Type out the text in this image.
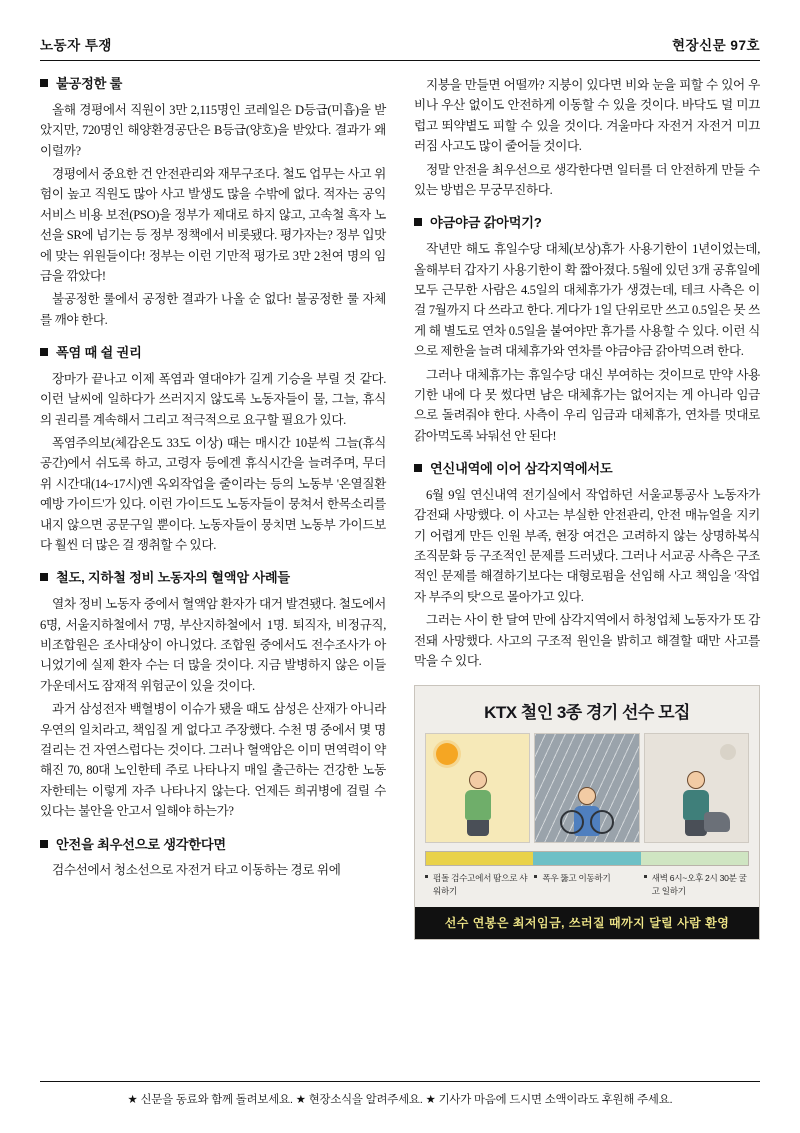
노동자 투쟁	현장신문 97호
불공정한 룰

올해 경평에서 직원이 3만 2,115명인 코레일은 D등급(미흡)을 받았지만, 720명인 해양환경공단은 B등급(양호)을 받았다. 결과가 왜 이럴까?

경평에서 중요한 건 안전관리와 재무구조다. 철도 업무는 사고 위험이 높고 직원도 많아 사고 발생도 많을 수밖에 없다. 적자는 공익서비스 비용 보전(PSO)을 정부가 제대로 하지 않고, 고속철 흑자 노선을 SR에 넘기는 등 정부 정책에서 비롯됐다. 평가자는? 정부 입맛에 맞는 위원들이다! 정부는 이런 기만적 평가로 3만 2천여 명의 임금을 깎았다!

불공정한 룰에서 공정한 결과가 나올 순 없다! 불공정한 룰 자체를 깨야 한다.

폭염 때 쉴 권리

장마가 끝나고 이제 폭염과 열대야가 길게 기승을 부릴 것 같다. 이런 날씨에 일하다가 쓰러지지 않도록 노동자들이 물, 그늘, 휴식의 권리를 계속해서 그리고 적극적으로 요구할 필요가 있다.

폭염주의보(체감온도 33도 이상) 때는 매시간 10분씩 그늘(휴식공간)에서 쉬도록 하고, 고령자 등에겐 휴식시간을 늘려주며, 무더위 시간대(14~17시)엔 옥외작업을 줄이라는 등의 노동부 '온열질환 예방 가이드'가 있다. 이런 가이드도 노동자들이 뭉쳐서 한목소리를 내지 않으면 공문구일 뿐이다. 노동자들이 뭉치면 노동부 가이드보다 훨씬 더 많은 걸 쟁취할 수 있다.

철도, 지하철 정비 노동자의 혈액암 사례들

열차 정비 노동자 중에서 혈액암 환자가 대거 발견됐다. 철도에서 6명, 서울지하철에서 7명, 부산지하철에서 1명. 퇴직자, 비정규직, 비조합원은 조사대상이 아니었다. 조합원 중에서도 전수조사가 아니었기에 실제 환자 수는 더 많을 것이다. 지금 발병하지 않은 이들 가운데서도 잠재적 위험군이 있을 것이다.

과거 삼성전자 백혈병이 이슈가 됐을 때도 삼성은 산재가 아니라 우연의 일치라고, 책임질 게 없다고 주장했다. 수천 명 중에서 몇 명 걸리는 건 자연스럽다는 것이다. 그러나 혈액암은 이미 면역력이 약해진 70, 80대 노인한테 주로 나타나지 매일 출근하는 건강한 노동자한테는 이렇게 자주 나타나지 않는다. 언제든 희귀병에 걸릴 수 있다는 불안을 안고서 일해야 하는가?

안전을 최우선으로 생각한다면

검수선에서 청소선으로 자전거 타고 이동하는 경로 위에

지붕을 만들면 어떨까? 지붕이 있다면 비와 눈을 피할 수 있어 우비나 우산 없이도 안전하게 이동할 수 있을 것이다. 바닥도 덜 미끄럽고 뙤약볕도 피할 수 있을 것이다. 겨울마다 자전거 자전거 미끄러짐 사고도 많이 줄어들 것이다.

정말 안전을 최우선으로 생각한다면 일터를 더 안전하게 만들 수 있는 방법은 무궁무진하다.

야금야금 갉아먹기?

작년만 해도 휴일수당 대체(보상)휴가 사용기한이 1년이었는데, 올해부터 갑자기 사용기한이 확 짧아졌다. 5월에 있던 3개 공휴일에 모두 근무한 사람은 4.5일의 대체휴가가 생겼는데, 테크 사측은 이걸 7월까지 다 쓰라고 한다. 게다가 1일 단위로만 쓰고 0.5일은 못 쓰게 해 별도로 연차 0.5일을 붙여야만 휴가를 사용할 수 있다. 이런 식으로 제한을 늘려 대체휴가와 연차를 야금야금 갉아먹으려 한다.

그러나 대체휴가는 휴일수당 대신 부여하는 것이므로 만약 사용기한 내에 다 못 썼다면 남은 대체휴가는 없어지는 게 아니라 임금으로 돌려줘야 한다. 사측이 우리 임금과 대체휴가, 연차를 멋대로 갉아먹도록 놔둬선 안 된다!

연신내역에 이어 삼각지역에서도

6월 9일 연신내역 전기실에서 작업하던 서울교통공사 노동자가 감전돼 사망했다. 이 사고는 부실한 안전관리, 안전 매뉴얼을 지키기 어렵게 만든 인원 부족, 현장 여건은 고려하지 않는 상명하복식 조직문화 등 구조적인 문제를 드러냈다. 그러나 서교공 사측은 구조적인 문제를 해결하기보다는 대형로펌을 선임해 사고 책임을 '작업자 부주의 탓'으로 몰아가고 있다.

그러는 사이 한 달여 만에 삼각지역에서 하청업체 노동자가 또 감전돼 사망했다. 사고의 구조적 원인을 밝히고 해결할 때만 사고를 막을 수 있다.

KTX 철인 3종 경기 선수 모집
펌돌 검수고에서 땀으로 샤워하기
폭우 뚫고 이동하기	새벽 6시~오후 2시 30분 굴고 일하기
선수 연봉은 최저임금, 쓰러질 때까지 달릴 사람 환영
★ 신문을 동료와 함께 돌려보세요. ★ 현장소식을 알려주세요. ★ 기사가 마음에 드시면 소액이라도 후원해 주세요.
